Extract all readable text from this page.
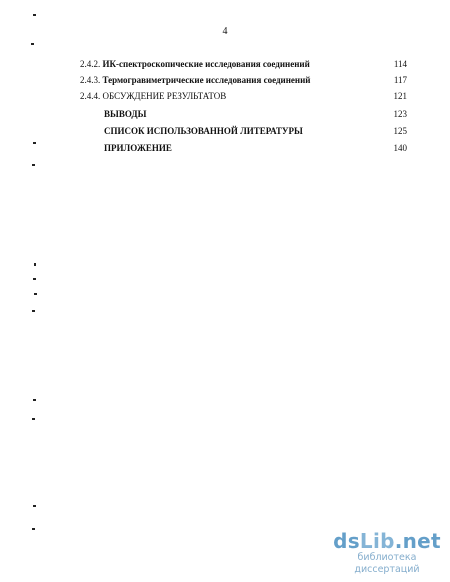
4
2.4.2. ИК-спектроскопические исследования соединений	114
2.4.3. Термогравиметрические исследования соединений	117
2.4.4. ОБСУЖДЕНИЕ РЕЗУЛЬТАТОВ	121
ВЫВОДЫ	123
СПИСОК ИСПОЛЬЗОВАННОЙ ЛИТЕРАТУРЫ	125
ПРИЛОЖЕНИЕ	140
dsLib.net
библиотека диссертаций
